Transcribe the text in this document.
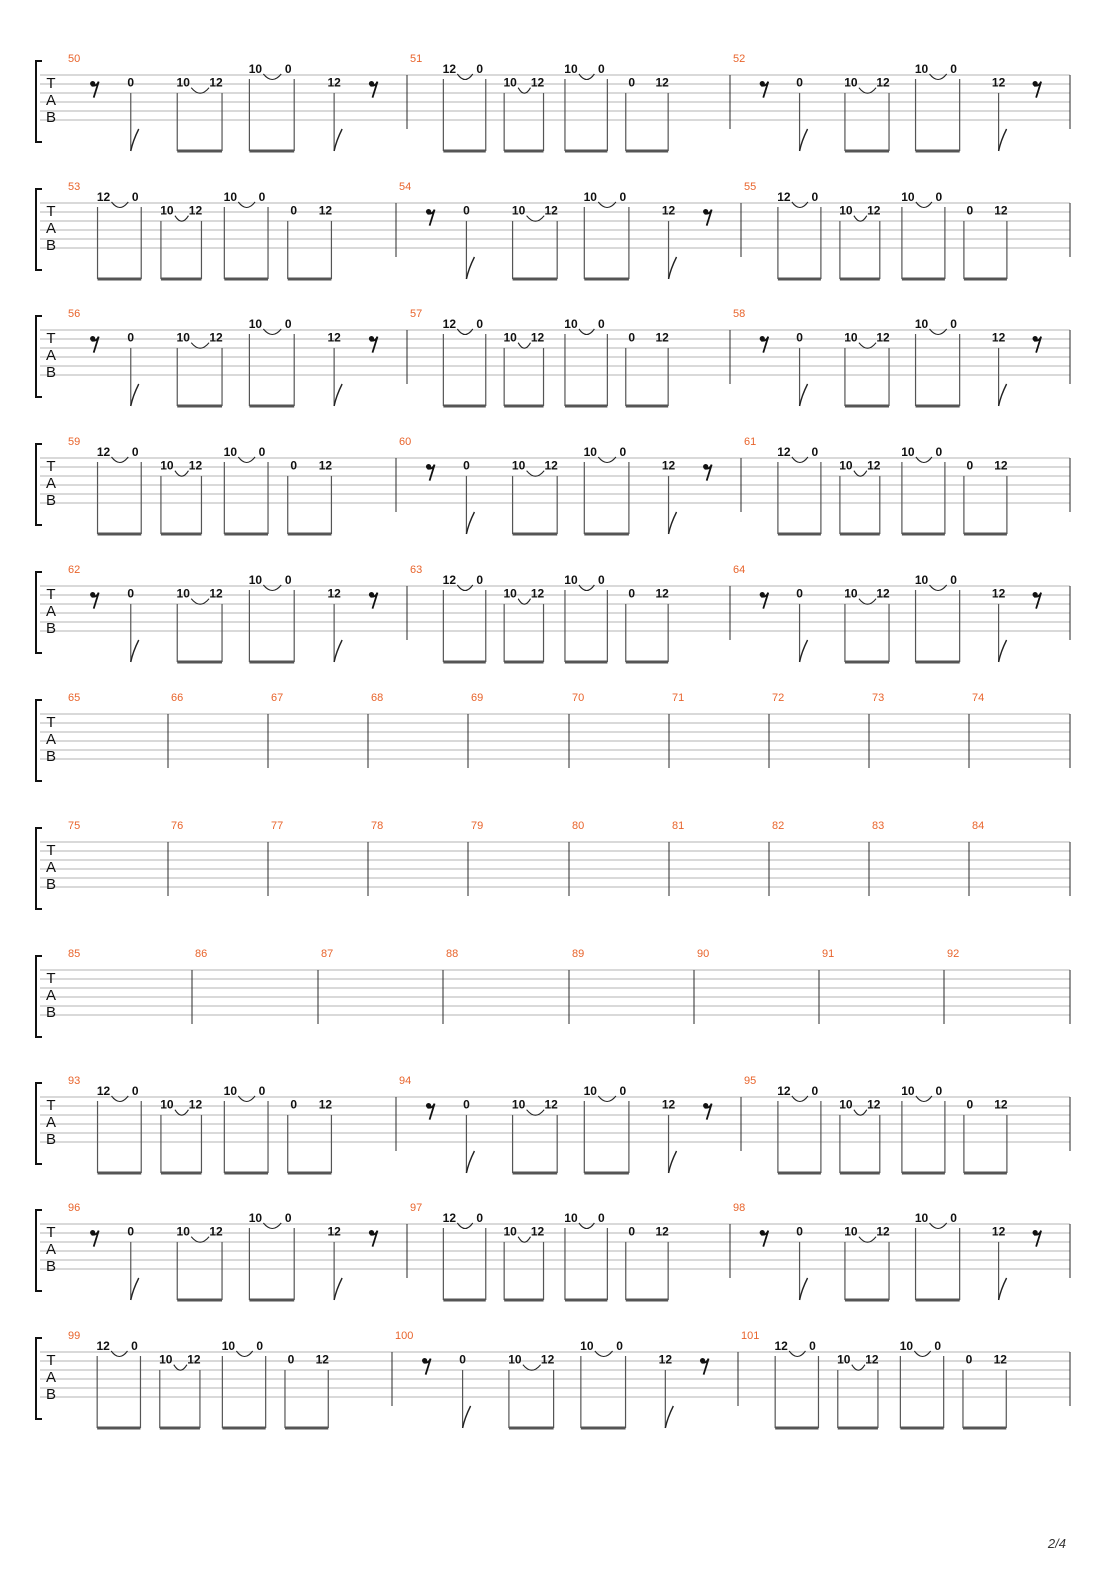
T
A
B
50
0	10 12
10 0
12
51
12 0
10 12
10 0
0 12
52
0	10 12
10 0
12
T
A
B
53
12 0
10 12
10 0
0 12
54
0	10 12
10 0
12
55
12 0
10 12
10 0
0 12
T
A
B
56
0	10 12
10 0
12
57
12 0
10 12
10 0
0 12
58
0	10 12
10 0
12
T
A
B
59
12 0
10 12
10 0
0 12
60
0	10 12
10 0
12
61
12 0
10 12
10 0
0 12
T
A
B
62
0	10 12
10 0
12
63
12 0
10 12
10 0
0 12
64
0	10 12
10 0
12
T
A
B
65	66	67	68	69	70	71	72	73	74
T
A
B
75	76	77	78	79	80	81	82	83	84
T
A
B
85	86	87	88	89	90	91	92
T
A
B
93
12 0
10 12
10 0
0 12
94
0	10 12
10 0
12
95
12 0
10 12
10 0
0 12
T
A
B
96
0	10 12
10 0
12
97
12 0
10 12
10 0
0 12
98
0	10 12
10 0
12
T
A
B
99
12 0
10 12
10 0
0 12
100
0	10 12
10 0
12
101
12 0
10 12
10 0
0 12
2/4
